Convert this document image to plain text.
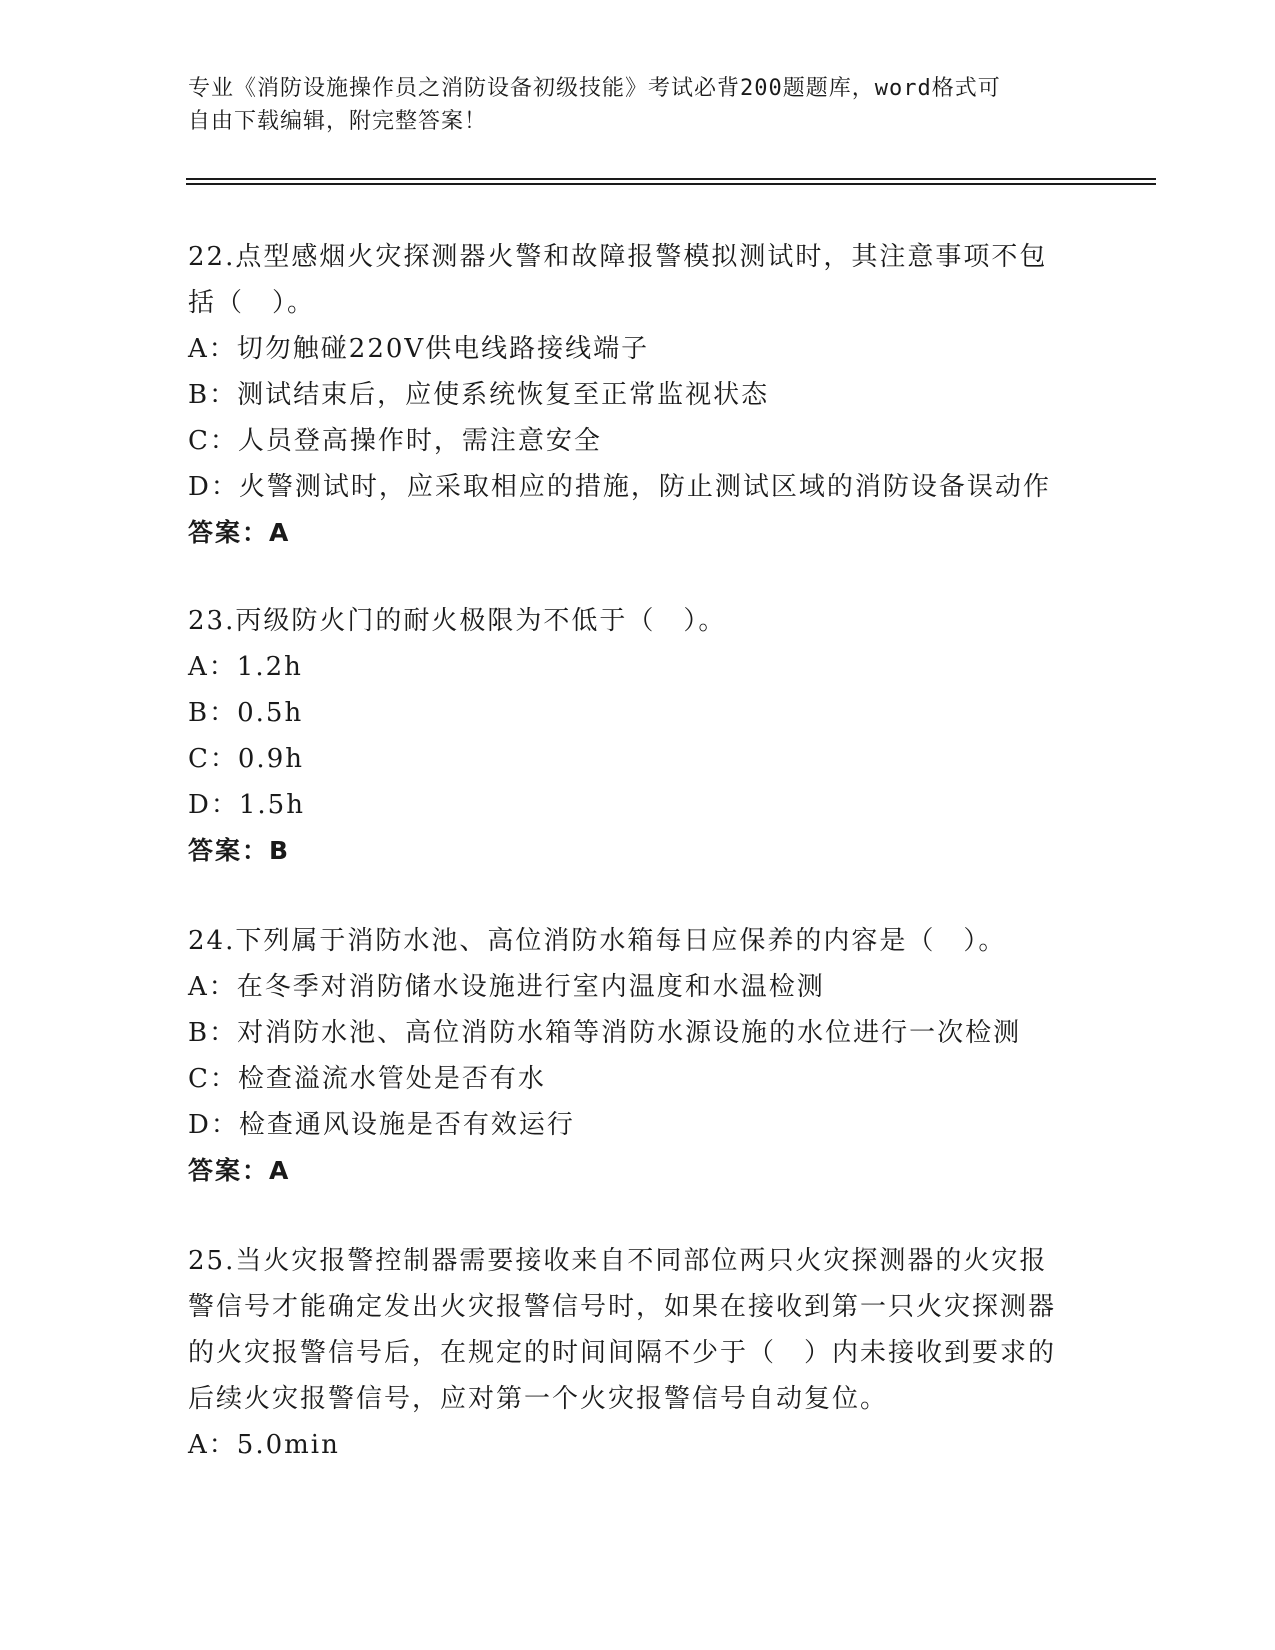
专业《消防设施操作员之消防设备初级技能》考试必背200题题库，word格式可
自由下载编辑，附完整答案！

22.点型感烟火灾探测器火警和故障报警模拟测试时，其注意事项不包括（　）。

A：切勿触碰220V供电线路接线端子

B：测试结束后，应使系统恢复至正常监视状态

C：人员登高操作时，需注意安全

D：火警测试时，应采取相应的措施，防止测试区域的消防设备误动作

答案：A

23.丙级防火门的耐火极限为不低于（　）。

A：1.2h

B：0.5h

C：0.9h

D：1.5h

答案：B

24.下列属于消防水池、高位消防水箱每日应保养的内容是（　）。

A：在冬季对消防储水设施进行室内温度和水温检测

B：对消防水池、高位消防水箱等消防水源设施的水位进行一次检测

C：检查溢流水管处是否有水

D：检查通风设施是否有效运行

答案：A

25.当火灾报警控制器需要接收来自不同部位两只火灾探测器的火灾报警信号才能确定发出火灾报警信号时，如果在接收到第一只火灾探测器的火灾报警信号后，在规定的时间间隔不少于（　）内未接收到要求的后续火灾报警信号，应对第一个火灾报警信号自动复位。

A：5.0min
